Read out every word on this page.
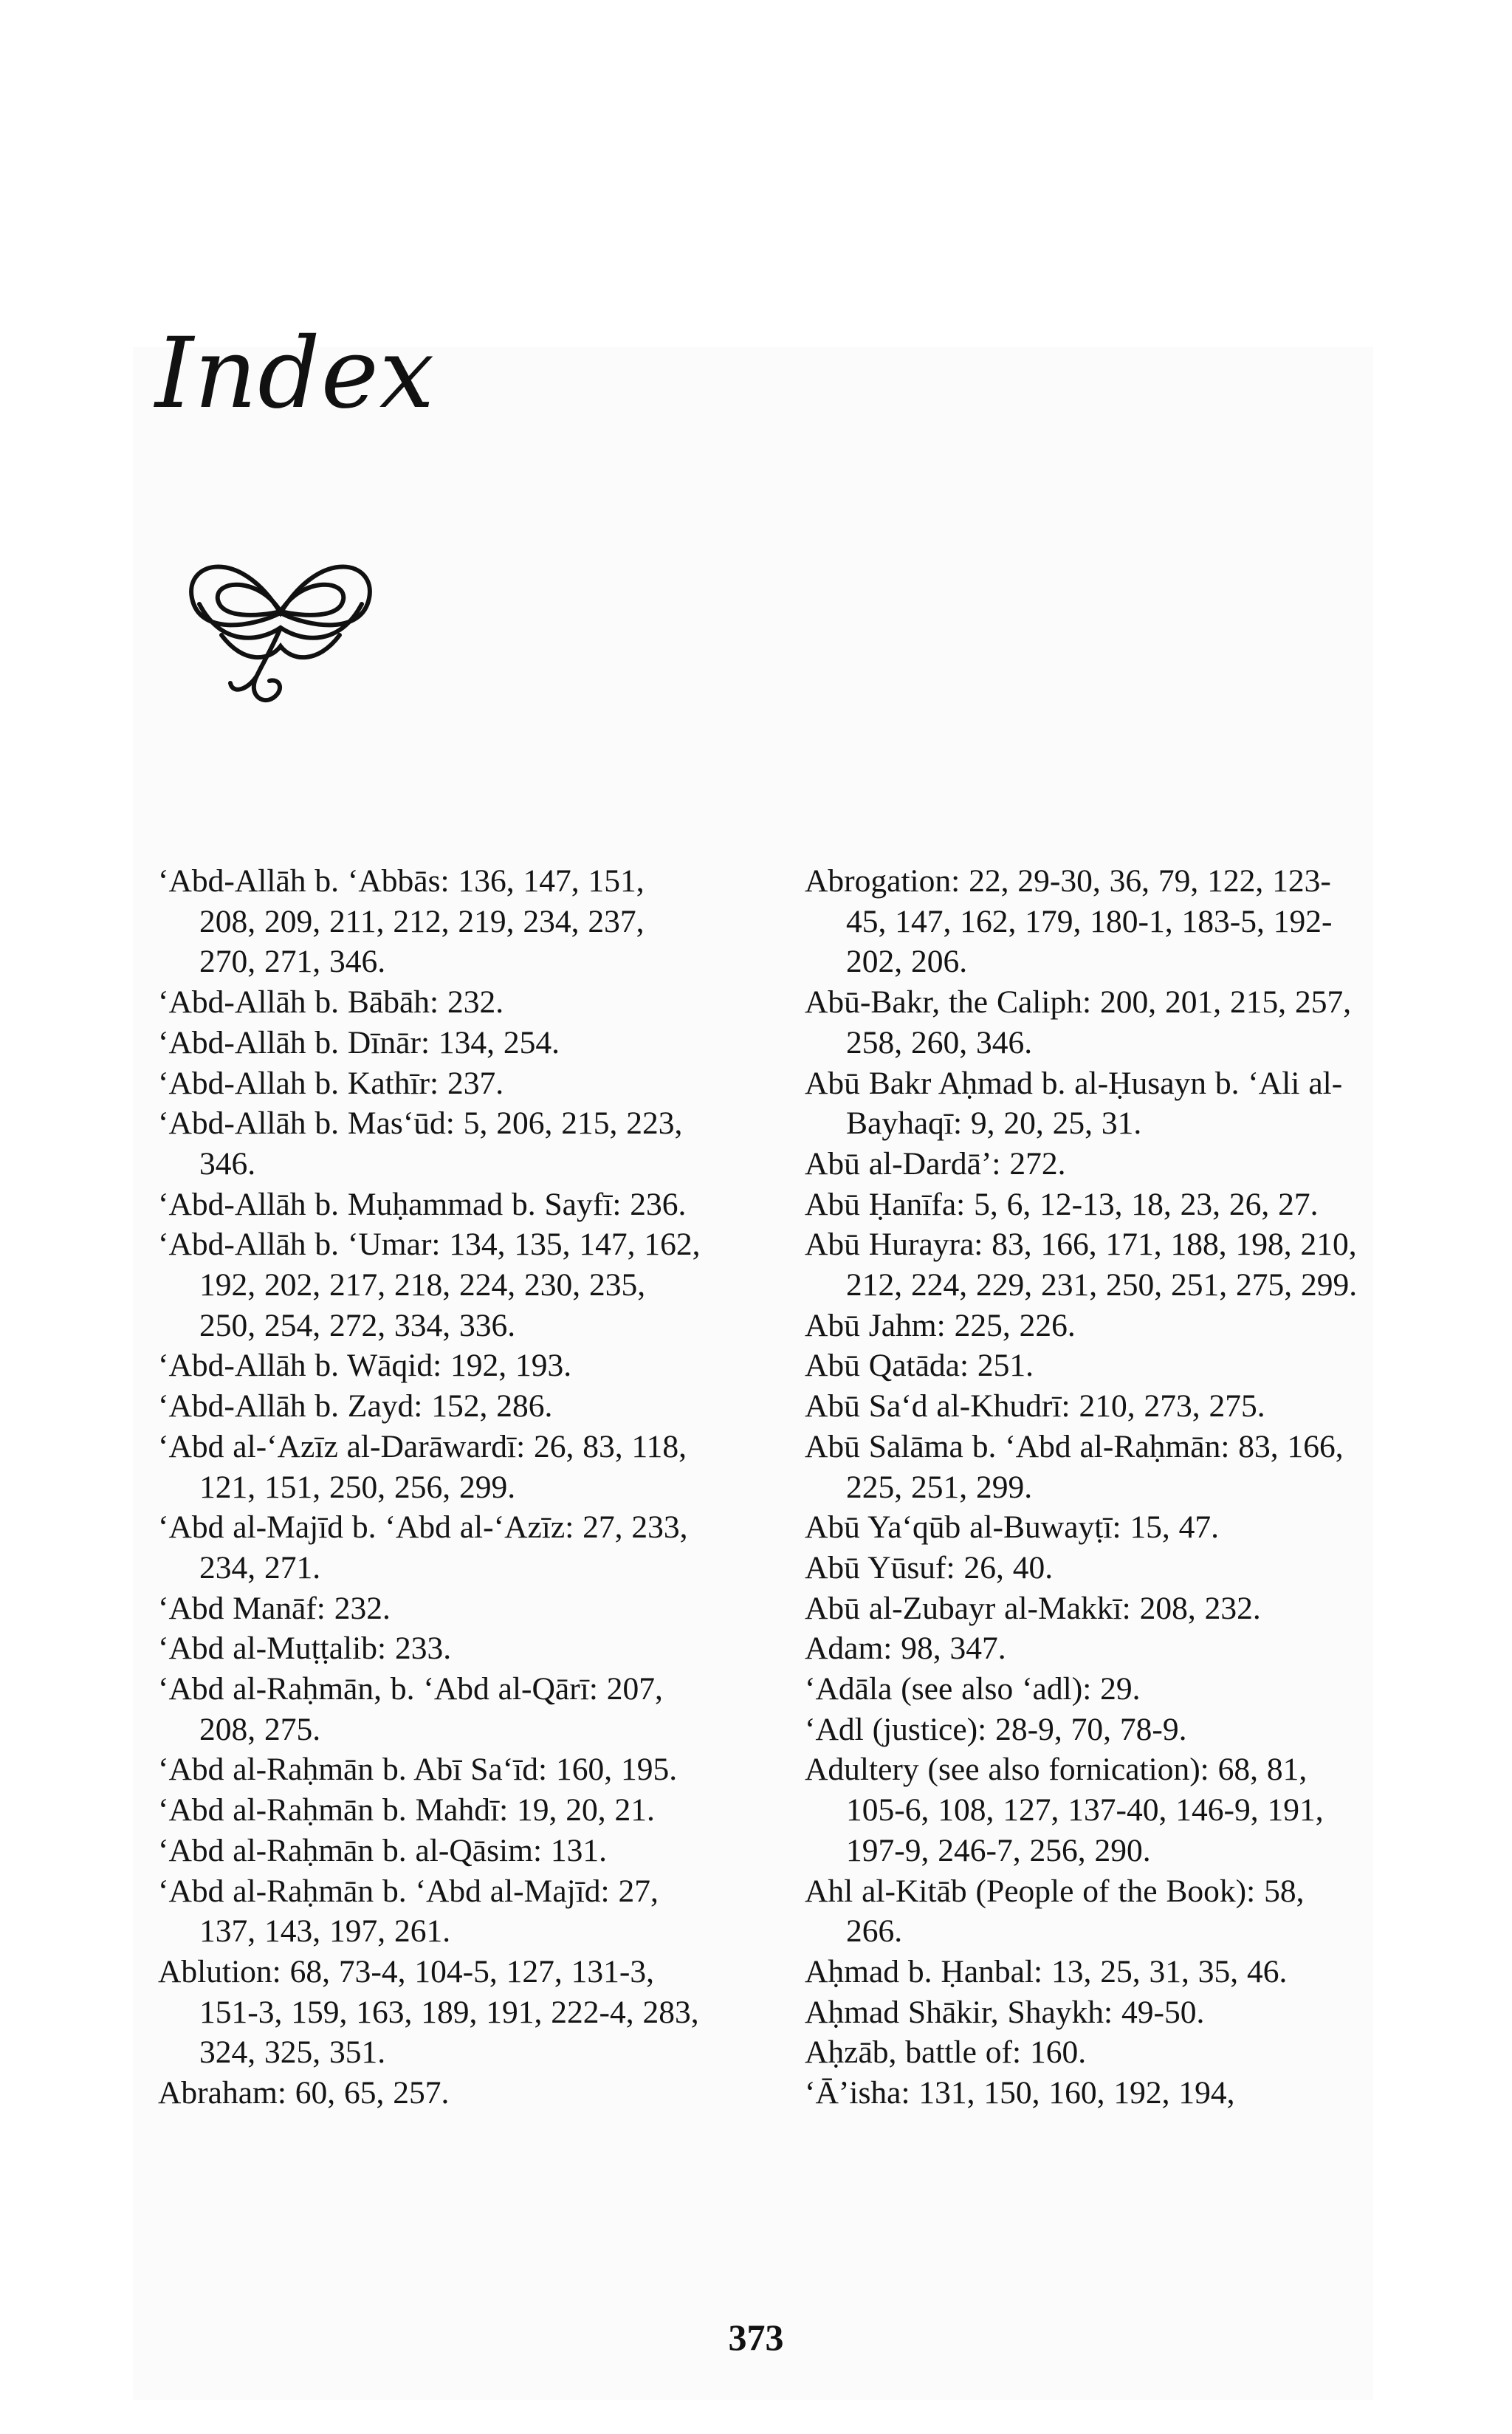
Index
ʻAbd-Allāh b. ʻAbbās: 136, 147, 151, 208, 209, 211, 212, 219, 234, 237, 270, 271, 346.
ʻAbd-Allāh b. Bābāh: 232.
ʻAbd-Allāh b. Dīnār: 134, 254.
ʻAbd-Allah b. Kathīr: 237.
ʻAbd-Allāh b. Masʻūd: 5, 206, 215, 223, 346.
ʻAbd-Allāh b. Muḥammad b. Sayfī: 236.
ʻAbd-Allāh b. ʻUmar: 134, 135, 147, 162, 192, 202, 217, 218, 224, 230, 235, 250, 254, 272, 334, 336.
ʻAbd-Allāh b. Wāqid: 192, 193.
ʻAbd-Allāh b. Zayd: 152, 286.
ʻAbd al-ʻAzīz al-Darāwardī: 26, 83, 118, 121, 151, 250, 256, 299.
ʻAbd al-Majīd b. ʻAbd al-ʻAzīz: 27, 233, 234, 271.
ʻAbd Manāf: 232.
ʻAbd al-Muṭṭalib: 233.
ʻAbd al-Raḥmān, b. ʻAbd al-Qārī: 207, 208, 275.
ʻAbd al-Raḥmān b. Abī Saʻīd: 160, 195.
ʻAbd al-Raḥmān b. Mahdī: 19, 20, 21.
ʻAbd al-Raḥmān b. al-Qāsim: 131.
ʻAbd al-Raḥmān b. ʻAbd al-Majīd: 27, 137, 143, 197, 261.
Ablution: 68, 73-4, 104-5, 127, 131-3, 151-3, 159, 163, 189, 191, 222-4, 283, 324, 325, 351.
Abraham: 60, 65, 257.
Abrogation: 22, 29-30, 36, 79, 122, 123-45, 147, 162, 179, 180-1, 183-5, 192-202, 206.
Abū-Bakr, the Caliph: 200, 201, 215, 257, 258, 260, 346.
Abū Bakr Aḥmad b. al-Ḥusayn b. ʻAli al-Bayhaqī: 9, 20, 25, 31.
Abū al-Dardāʼ: 272.
Abū Ḥanīfa: 5, 6, 12-13, 18, 23, 26, 27.
Abū Hurayra: 83, 166, 171, 188, 198, 210, 212, 224, 229, 231, 250, 251, 275, 299.
Abū Jahm: 225, 226.
Abū Qatāda: 251.
Abū Saʻd al-Khudrī: 210, 273, 275.
Abū Salāma b. ʻAbd al-Raḥmān: 83, 166, 225, 251, 299.
Abū Yaʻqūb al-Buwayṭī: 15, 47.
Abū Yūsuf: 26, 40.
Abū al-Zubayr al-Makkī: 208, 232.
Adam: 98, 347.
ʻAdāla (see also ʻadl): 29.
ʻAdl (justice): 28-9, 70, 78-9.
Adultery (see also fornication): 68, 81, 105-6, 108, 127, 137-40, 146-9, 191, 197-9, 246-7, 256, 290.
Ahl al-Kitāb (People of the Book): 58, 266.
Aḥmad b. Ḥanbal: 13, 25, 31, 35, 46.
Aḥmad Shākir, Shaykh: 49-50.
Aḥzāb, battle of: 160.
ʻĀʼisha: 131, 150, 160, 192, 194,
373
